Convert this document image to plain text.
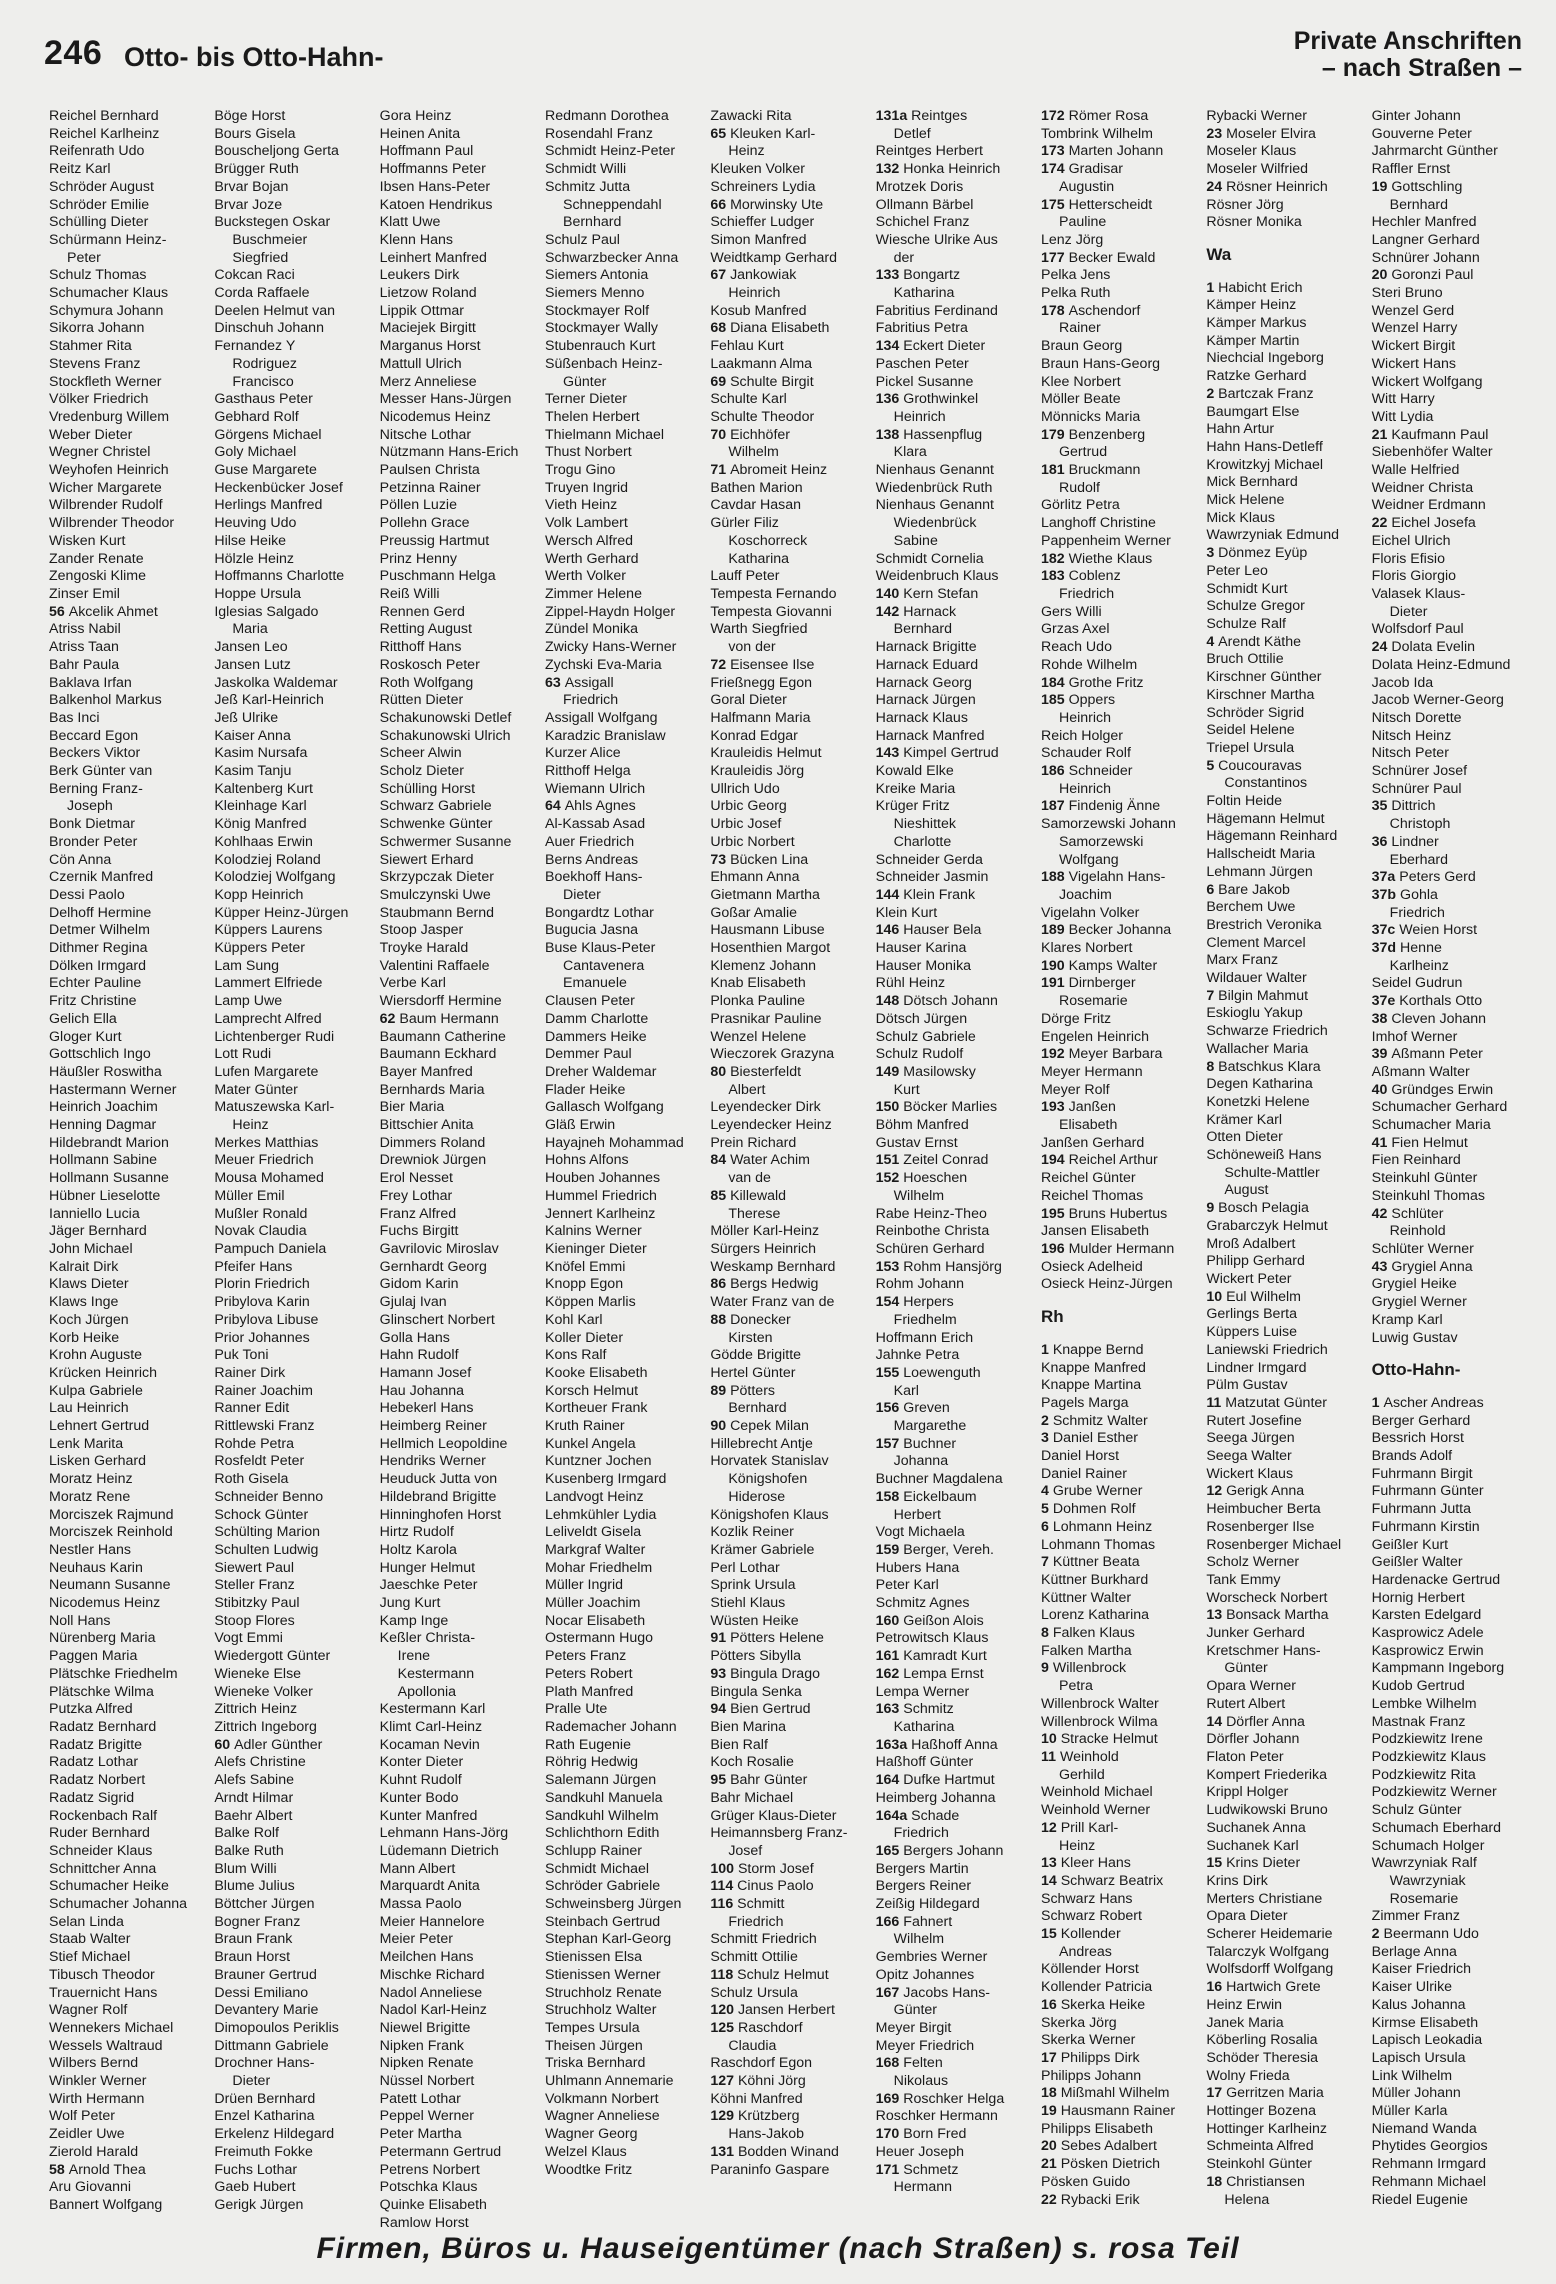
246 Otto- bis Otto-Hahn-
Private Anschriften
– nach Straßen –
Reichel Bernhard
Reichel Karlheinz
Reifenrath Udo
Reitz Karl
Schröder August
Schröder Emilie
Schülling Dieter
Schürmann Heinz-
Peter
Schulz Thomas
Schumacher Klaus
Schymura Johann
Sikorra Johann
Stahmer Rita
Stevens Franz
Stockfleth Werner
Völker Friedrich
Vredenburg Willem
Weber Dieter
Wegner Christel
Weyhofen Heinrich
Wicher Margarete
Wilbrender Rudolf
Wilbrender Theodor
Wisken Kurt
Zander Renate
Zengoski Klime
Zinser Emil
56 Akcelik Ahmet
Atriss Nabil
Atriss Taan
Bahr Paula
Baklava Irfan
Balkenhol Markus
Bas Inci
Beccard Egon
Beckers Viktor
Berk Günter van
Berning Franz-
Joseph
Bonk Dietmar
Bronder Peter
Cön Anna
Czernik Manfred
Dessi Paolo
Delhoff Hermine
Detmer Wilhelm
Dithmer Regina
Dölken Irmgard
Echter Pauline
Fritz Christine
Gelich Ella
Gloger Kurt
Gottschlich Ingo
Häußler Roswitha
Hastermann Werner
Heinrich Joachim
Henning Dagmar
Hildebrandt Marion
Hollmann Sabine
Hollmann Susanne
Hübner Lieselotte
Ianniello Lucia
Jäger Bernhard
John Michael
Kalrait Dirk
Klaws Dieter
Klaws Inge
Koch Jürgen
Korb Heike
Krohn Auguste
Krücken Heinrich
Kulpa Gabriele
Lau Heinrich
Lehnert Gertrud
Lenk Marita
Lisken Gerhard
Moratz Heinz
Moratz Rene
Morciszek Rajmund
Morciszek Reinhold
Nestler Hans
Neuhaus Karin
Neumann Susanne
Nicodemus Heinz
Noll Hans
Nürenberg Maria
Paggen Maria
Plätschke Friedhelm
Plätschke Wilma
Putzka Alfred
Radatz Bernhard
Radatz Brigitte
Radatz Lothar
Radatz Norbert
Radatz Sigrid
Rockenbach Ralf
Ruder Bernhard
Schneider Klaus
Schnittcher Anna
Schumacher Heike
Schumacher Johanna
Selan Linda
Staab Walter
Stief Michael
Tibusch Theodor
Trauernicht Hans
Wagner Rolf
Wennekers Michael
Wessels Waltraud
Wilbers Bernd
Winkler Werner
Wirth Hermann
Wolf Peter
Zeidler Uwe
Zierold Harald
58 Arnold Thea
Aru Giovanni
Bannert Wolfgang
Böge Horst
Bours Gisela
Bouscheljong Gerta
Brügger Ruth
Brvar Bojan
Brvar Joze
Buckstegen Oskar
Buschmeier
Siegfried
Cokcan Raci
Corda Raffaele
Deelen Helmut van
Dinschuh Johann
Fernandez Y
Rodriguez
Francisco
Gasthaus Peter
Gebhard Rolf
Görgens Michael
Goly Michael
Guse Margarete
Heckenbücker Josef
Herlings Manfred
Heuving Udo
Hilse Heike
Hölzle Heinz
Hoffmanns Charlotte
Hoppe Ursula
Iglesias Salgado
Maria
Jansen Leo
Jansen Lutz
Jaskolka Waldemar
Jeß Karl-Heinrich
Jeß Ulrike
Kaiser Anna
Kasim Nursafa
Kasim Tanju
Kaltenberg Kurt
Kleinhage Karl
König Manfred
Kohlhaas Erwin
Kolodziej Roland
Kolodziej Wolfgang
Kopp Heinrich
Küpper Heinz-Jürgen
Küppers Laurens
Küppers Peter
Lam Sung
Lammert Elfriede
Lamp Uwe
Lamprecht Alfred
Lichtenberger Rudi
Lott Rudi
Lufen Margarete
Mater Günter
Matuszewska Karl-
Heinz
Merkes Matthias
Meuer Friedrich
Mousa Mohamed
Müller Emil
Mußler Ronald
Novak Claudia
Pampuch Daniela
Pfeifer Hans
Plorin Friedrich
Pribylova Karin
Pribylova Libuse
Prior Johannes
Puk Toni
Rainer Dirk
Rainer Joachim
Ranner Edit
Rittlewski Franz
Rohde Petra
Rosfeldt Peter
Roth Gisela
Schneider Benno
Schock Günter
Schülting Marion
Schulten Ludwig
Siewert Paul
Steller Franz
Stibitzky Paul
Stoop Flores
Vogt Emmi
Wiedergott Günter
Wieneke Else
Wieneke Volker
Zittrich Heinz
Zittrich Ingeborg
60 Adler Günther
Alefs Christine
Alefs Sabine
Arndt Hilmar
Baehr Albert
Balke Rolf
Balke Ruth
Blum Willi
Blume Julius
Böttcher Jürgen
Bogner Franz
Braun Frank
Braun Horst
Brauner Gertrud
Dessi Emiliano
Devantery Marie
Dimopoulos Periklis
Dittmann Gabriele
Drochner Hans-
Dieter
Drüen Bernhard
Enzel Katharina
Erkelenz Hildegard
Freimuth Fokke
Fuchs Lothar
Gaeb Hubert
Gerigk Jürgen
Gora Heinz
Heinen Anita
Hoffmann Paul
Hoffmanns Peter
Ibsen Hans-Peter
Katoen Hendrikus
Klatt Uwe
Klenn Hans
Leinhert Manfred
Leukers Dirk
Lietzow Roland
Lippik Ottmar
Maciejek Birgitt
Marganus Horst
Mattull Ulrich
Merz Anneliese
Messer Hans-Jürgen
Nicodemus Heinz
Nitsche Lothar
Nützmann Hans-Erich
Paulsen Christa
Petzinna Rainer
Pöllen Luzie
Pollehn Grace
Preussig Hartmut
Prinz Henny
Puschmann Helga
Reiß Willi
Rennen Gerd
Retting August
Ritthoff Hans
Roskosch Peter
Roth Wolfgang
Rütten Dieter
Schakunowski Detlef
Schakunowski Ulrich
Scheer Alwin
Scholz Dieter
Schülling Horst
Schwarz Gabriele
Schwenke Günter
Schwermer Susanne
Siewert Erhard
Skrzypczak Dieter
Smulczynski Uwe
Staubmann Bernd
Stoop Jasper
Troyke Harald
Valentini Raffaele
Verbe Karl
Wiersdorff Hermine
62 Baum Hermann
Baumann Catherine
Baumann Eckhard
Bayer Manfred
Bernhards Maria
Bier Maria
Bittschier Anita
Dimmers Roland
Drewniok Jürgen
Erol Nesset
Frey Lothar
Franz Alfred
Fuchs Birgitt
Gavrilovic Miroslav
Gernhardt Georg
Gidom Karin
Gjulaj Ivan
Glinschert Norbert
Golla Hans
Hahn Rudolf
Hamann Josef
Hau Johanna
Hebekerl Hans
Heimberg Reiner
Hellmich Leopoldine
Hendriks Werner
Heuduck Jutta von
Hildebrand Brigitte
Hinninghofen Horst
Hirtz Rudolf
Holtz Karola
Hunger Helmut
Jaeschke Peter
Jung Kurt
Kamp Inge
Keßler Christa-
Irene
Kestermann
Apollonia
Kestermann Karl
Klimt Carl-Heinz
Kocaman Nevin
Konter Dieter
Kuhnt Rudolf
Kunter Bodo
Kunter Manfred
Lehmann Hans-Jörg
Lüdemann Dietrich
Mann Albert
Marquardt Anita
Massa Paolo
Meier Hannelore
Meier Peter
Meilchen Hans
Mischke Richard
Nadol Anneliese
Nadol Karl-Heinz
Niewel Brigitte
Nipken Frank
Nipken Renate
Nüssel Norbert
Patett Lothar
Peppel Werner
Peter Martha
Petermann Gertrud
Petrens Norbert
Potschka Klaus
Quinke Elisabeth
Ramlow Horst
Redmann Dorothea
Rosendahl Franz
Schmidt Heinz-Peter
Schmidt Willi
Schmitz Jutta
Schneppendahl
Bernhard
Schulz Paul
Schwarzbecker Anna
Siemers Antonia
Siemers Menno
Stockmayer Rolf
Stockmayer Wally
Stubenrauch Kurt
Süßenbach Heinz-
Günter
Terner Dieter
Thelen Herbert
Thielmann Michael
Thust Norbert
Trogu Gino
Truyen Ingrid
Vieth Heinz
Volk Lambert
Wersch Alfred
Werth Gerhard
Werth Volker
Zimmer Helene
Zippel-Haydn Holger
Zündel Monika
Zwicky Hans-Werner
Zychski Eva-Maria
63 Assigall
Friedrich
Assigall Wolfgang
Karadzic Branislaw
Kurzer Alice
Ritthoff Helga
Wiemann Ulrich
64 Ahls Agnes
Al-Kassab Asad
Auer Friedrich
Berns Andreas
Boekhoff Hans-
Dieter
Bongardtz Lothar
Bugucia Jasna
Buse Klaus-Peter
Cantavenera
Emanuele
Clausen Peter
Damm Charlotte
Dammers Heike
Demmer Paul
Dreher Waldemar
Flader Heike
Gallasch Wolfgang
Gläß Erwin
Hayajneh Mohammad
Hohns Alfons
Houben Johannes
Hummel Friedrich
Jennert Karlheinz
Kalnins Werner
Kieninger Dieter
Knöfel Emmi
Knopp Egon
Köppen Marlis
Kohl Karl
Koller Dieter
Kons Ralf
Kooke Elisabeth
Korsch Helmut
Kortheuer Frank
Kruth Rainer
Kunkel Angela
Kuntzner Jochen
Kusenberg Irmgard
Landvogt Heinz
Lehmkühler Lydia
Leliveldt Gisela
Markgraf Walter
Mohar Friedhelm
Müller Ingrid
Müller Joachim
Nocar Elisabeth
Ostermann Hugo
Peters Franz
Peters Robert
Plath Manfred
Pralle Ute
Rademacher Johann
Rath Eugenie
Röhrig Hedwig
Salemann Jürgen
Sandkuhl Manuela
Sandkuhl Wilhelm
Schlichthorn Edith
Schlupp Rainer
Schmidt Michael
Schröder Gabriele
Schweinsberg Jürgen
Steinbach Gertrud
Stephan Karl-Georg
Stienissen Elsa
Stienissen Werner
Struchholz Renate
Struchholz Walter
Tempes Ursula
Theisen Jürgen
Triska Bernhard
Uhlmann Annemarie
Volkmann Norbert
Wagner Anneliese
Wagner Georg
Welzel Klaus
Woodtke Fritz
Zawacki Rita
65 Kleuken Karl-
Heinz
Kleuken Volker
Schreiners Lydia
66 Morwinsky Ute
Schieffer Ludger
Simon Manfred
Weidtkamp Gerhard
67 Jankowiak
Heinrich
Kosub Manfred
68 Diana Elisabeth
Fehlau Kurt
Laakmann Alma
69 Schulte Birgit
Schulte Karl
Schulte Theodor
70 Eichhöfer
Wilhelm
71 Abromeit Heinz
Bathen Marion
Cavdar Hasan
Gürler Filiz
Koschorreck
Katharina
Lauff Peter
Tempesta Fernando
Tempesta Giovanni
Warth Siegfried
von der
72 Eisensee Ilse
Frießnegg Egon
Goral Dieter
Halfmann Maria
Konrad Edgar
Krauleidis Helmut
Krauleidis Jörg
Ullrich Udo
Urbic Georg
Urbic Josef
Urbic Norbert
73 Bücken Lina
Ehmann Anna
Gietmann Martha
Goßar Amalie
Hausmann Libuse
Hosenthien Margot
Klemenz Johann
Knab Elisabeth
Plonka Pauline
Prasnikar Pauline
Wenzel Helene
Wieczorek Grazyna
80 Biesterfeldt
Albert
Leyendecker Dirk
Leyendecker Heinz
Prein Richard
84 Water Achim
van de
85 Killewald
Therese
Möller Karl-Heinz
Sürgers Heinrich
Weskamp Bernhard
86 Bergs Hedwig
Water Franz van de
88 Donecker
Kirsten
Gödde Brigitte
Hertel Günter
89 Pötters
Bernhard
90 Cepek Milan
Hillebrecht Antje
Horvatek Stanislav
Königshofen
Hiderose
Königshofen Klaus
Kozlik Reiner
Krämer Gabriele
Perl Lothar
Sprink Ursula
Stiehl Klaus
Wüsten Heike
91 Pötters Helene
Pötters Sibylla
93 Bingula Drago
Bingula Senka
94 Bien Gertrud
Bien Marina
Bien Ralf
Koch Rosalie
95 Bahr Günter
Bahr Michael
Grüger Klaus-Dieter
Heimannsberg Franz-
Josef
100 Storm Josef
114 Cinus Paolo
116 Schmitt
Friedrich
Schmitt Friedrich
Schmitt Ottilie
118 Schulz Helmut
Schulz Ursula
120 Jansen Herbert
125 Raschdorf
Claudia
Raschdorf Egon
127 Köhni Jörg
Köhni Manfred
129 Krützberg
Hans-Jakob
131 Bodden Winand
Paraninfo Gaspare
131a Reintges
Detlef
Reintges Herbert
132 Honka Heinrich
Mrotzek Doris
Ollmann Bärbel
Schichel Franz
Wiesche Ulrike Aus
der
133 Bongartz
Katharina
Fabritius Ferdinand
Fabritius Petra
134 Eckert Dieter
Paschen Peter
Pickel Susanne
136 Grothwinkel
Heinrich
138 Hassenpflug
Klara
Nienhaus Genannt
Wiedenbrück Ruth
Nienhaus Genannt
Wiedenbrück
Sabine
Schmidt Cornelia
Weidenbruch Klaus
140 Kern Stefan
142 Harnack
Bernhard
Harnack Brigitte
Harnack Eduard
Harnack Georg
Harnack Jürgen
Harnack Klaus
Harnack Manfred
143 Kimpel Gertrud
Kowald Elke
Kreike Maria
Krüger Fritz
Nieshittek
Charlotte
Schneider Gerda
Schneider Jasmin
144 Klein Frank
Klein Kurt
146 Hauser Bela
Hauser Karina
Hauser Monika
Rühl Heinz
148 Dötsch Johann
Dötsch Jürgen
Schulz Gabriele
Schulz Rudolf
149 Masilowsky
Kurt
150 Böcker Marlies
Böhm Manfred
Gustav Ernst
151 Zeitel Conrad
152 Hoeschen
Wilhelm
Rabe Heinz-Theo
Reinbothe Christa
Schüren Gerhard
153 Rohm Hansjörg
Rohm Johann
154 Herpers
Friedhelm
Hoffmann Erich
Jahnke Petra
155 Loewenguth
Karl
156 Greven
Margarethe
157 Buchner
Johanna
Buchner Magdalena
158 Eickelbaum
Herbert
Vogt Michaela
159 Berger, Vereh.
Hubers Hana
Peter Karl
Schmitz Agnes
160 Geißon Alois
Petrowitsch Klaus
161 Kamradt Kurt
162 Lempa Ernst
Lempa Werner
163 Schmitz
Katharina
163a Haßhoff Anna
Haßhoff Günter
164 Dufke Hartmut
Heimberg Johanna
164a Schade
Friedrich
165 Bergers Johann
Bergers Martin
Bergers Reiner
Zeißig Hildegard
166 Fahnert
Wilhelm
Gembries Werner
Opitz Johannes
167 Jacobs Hans-
Günter
Meyer Birgit
Meyer Friedrich
168 Felten
Nikolaus
169 Roschker Helga
Roschker Hermann
170 Born Fred
Heuer Joseph
171 Schmetz
Hermann
172 Römer Rosa
Tombrink Wilhelm
173 Marten Johann
174 Gradisar
Augustin
175 Hetterscheidt
Pauline
Lenz Jörg
177 Becker Ewald
Pelka Jens
Pelka Ruth
178 Aschendorf
Rainer
Braun Georg
Braun Hans-Georg
Klee Norbert
Möller Beate
Mönnicks Maria
179 Benzenberg
Gertrud
181 Bruckmann
Rudolf
Görlitz Petra
Langhoff Christine
Pappenheim Werner
182 Wiethe Klaus
183 Coblenz
Friedrich
Gers Willi
Grzas Axel
Reach Udo
Rohde Wilhelm
184 Grothe Fritz
185 Oppers
Heinrich
Reich Holger
Schauder Rolf
186 Schneider
Heinrich
187 Findenig Änne
Samorzewski Johann
Samorzewski
Wolfgang
188 Vigelahn Hans-
Joachim
Vigelahn Volker
189 Becker Johanna
Klares Norbert
190 Kamps Walter
191 Dirnberger
Rosemarie
Dörge Fritz
Engelen Heinrich
192 Meyer Barbara
Meyer Hermann
Meyer Rolf
193 Janßen
Elisabeth
Janßen Gerhard
194 Reichel Arthur
Reichel Günter
Reichel Thomas
195 Bruns Hubertus
Jansen Elisabeth
196 Mulder Hermann
Osieck Adelheid
Osieck Heinz-Jürgen
Rh
1 Knappe Bernd
Knappe Manfred
Knappe Martina
Pagels Marga
2 Schmitz Walter
3 Daniel Esther
Daniel Horst
Daniel Rainer
4 Grube Werner
5 Dohmen Rolf
6 Lohmann Heinz
Lohmann Thomas
7 Küttner Beata
Küttner Burkhard
Küttner Walter
Lorenz Katharina
8 Falken Klaus
Falken Martha
9 Willenbrock
Petra
Willenbrock Walter
Willenbrock Wilma
10 Stracke Helmut
11 Weinhold
Gerhild
Weinhold Michael
Weinhold Werner
12 Prill Karl-
Heinz
13 Kleer Hans
14 Schwarz Beatrix
Schwarz Hans
Schwarz Robert
15 Kollender
Andreas
Köllender Horst
Kollender Patricia
16 Skerka Heike
Skerka Jörg
Skerka Werner
17 Philipps Dirk
Philipps Johann
18 Mißmahl Wilhelm
19 Hausmann Rainer
Philipps Elisabeth
20 Sebes Adalbert
21 Pösken Dietrich
Pösken Guido
22 Rybacki Erik
Rybacki Werner
23 Moseler Elvira
Moseler Klaus
Moseler Wilfried
24 Rösner Heinrich
Rösner Jörg
Rösner Monika
Wa
1 Habicht Erich
Kämper Heinz
Kämper Markus
Kämper Martin
Niechcial Ingeborg
Ratzke Gerhard
2 Bartczak Franz
Baumgart Else
Hahn Artur
Hahn Hans-Detleff
Krowitzkyj Michael
Mick Bernhard
Mick Helene
Mick Klaus
Wawrzyniak Edmund
3 Dönmez Eyüp
Peter Leo
Schmidt Kurt
Schulze Gregor
Schulze Ralf
4 Arendt Käthe
Bruch Ottilie
Kirschner Günther
Kirschner Martha
Schröder Sigrid
Seidel Helene
Triepel Ursula
5 Coucouravas
Constantinos
Foltin Heide
Hägemann Helmut
Hägemann Reinhard
Hallscheidt Maria
Lehmann Jürgen
6 Bare Jakob
Berchem Uwe
Brestrich Veronika
Clement Marcel
Marx Franz
Wildauer Walter
7 Bilgin Mahmut
Eskioglu Yakup
Schwarze Friedrich
Wallacher Maria
8 Batschkus Klara
Degen Katharina
Konetzki Helene
Krämer Karl
Otten Dieter
Schöneweiß Hans
Schulte-Mattler
August
9 Bosch Pelagia
Grabarczyk Helmut
Mroß Adalbert
Philipp Gerhard
Wickert Peter
10 Eul Wilhelm
Gerlings Berta
Küppers Luise
Laniewski Friedrich
Lindner Irmgard
Pülm Gustav
11 Matzutat Günter
Rutert Josefine
Seega Jürgen
Seega Walter
Wickert Klaus
12 Gerigk Anna
Heimbucher Berta
Rosenberger Ilse
Rosenberger Michael
Scholz Werner
Tank Emmy
Worscheck Norbert
13 Bonsack Martha
Junker Gerhard
Kretschmer Hans-
Günter
Opara Werner
Rutert Albert
14 Dörfler Anna
Dörfler Johann
Flaton Peter
Kompert Friederika
Krippl Holger
Ludwikowski Bruno
Suchanek Anna
Suchanek Karl
15 Krins Dieter
Krins Dirk
Merters Christiane
Opara Dieter
Scherer Heidemarie
Talarczyk Wolfgang
Wolfsdorff Wolfgang
16 Hartwich Grete
Heinz Erwin
Janek Maria
Köberling Rosalia
Schöder Theresia
Wolny Frieda
17 Gerritzen Maria
Hottinger Bozena
Hottinger Karlheinz
Schmeinta Alfred
Steinkohl Günter
18 Christiansen
Helena
Ginter Johann
Gouverne Peter
Jahrmarcht Günther
Raffler Ernst
19 Gottschling
Bernhard
Hechler Manfred
Langner Gerhard
Schnürer Johann
20 Goronzi Paul
Steri Bruno
Wenzel Gerd
Wenzel Harry
Wickert Birgit
Wickert Hans
Wickert Wolfgang
Witt Harry
Witt Lydia
21 Kaufmann Paul
Siebenhöfer Walter
Walle Helfried
Weidner Christa
Weidner Erdmann
22 Eichel Josefa
Eichel Ulrich
Floris Efisio
Floris Giorgio
Valasek Klaus-
Dieter
Wolfsdorf Paul
24 Dolata Evelin
Dolata Heinz-Edmund
Jacob Ida
Jacob Werner-Georg
Nitsch Dorette
Nitsch Heinz
Nitsch Peter
Schnürer Josef
Schnürer Paul
35 Dittrich
Christoph
36 Lindner
Eberhard
37a Peters Gerd
37b Gohla
Friedrich
37c Weien Horst
37d Henne
Karlheinz
Seidel Gudrun
37e Korthals Otto
38 Cleven Johann
Imhof Werner
39 Aßmann Peter
Aßmann Walter
40 Gründges Erwin
Schumacher Gerhard
Schumacher Maria
41 Fien Helmut
Fien Reinhard
Steinkuhl Günter
Steinkuhl Thomas
42 Schlüter
Reinhold
Schlüter Werner
43 Grygiel Anna
Grygiel Heike
Grygiel Werner
Kramp Karl
Luwig Gustav
Otto-Hahn-
1 Ascher Andreas
Berger Gerhard
Bessrich Horst
Brands Adolf
Fuhrmann Birgit
Fuhrmann Günter
Fuhrmann Jutta
Fuhrmann Kirstin
Geißler Kurt
Geißler Walter
Hardenacke Gertrud
Hornig Herbert
Karsten Edelgard
Kasprowicz Adele
Kasprowicz Erwin
Kampmann Ingeborg
Kudob Gertrud
Lembke Wilhelm
Mastnak Franz
Podzkiewitz Irene
Podzkiewitz Klaus
Podzkiewitz Rita
Podzkiewitz Werner
Schulz Günter
Schumach Eberhard
Schumach Holger
Wawrzyniak Ralf
Wawrzyniak
Rosemarie
Zimmer Franz
2 Beermann Udo
Berlage Anna
Kaiser Friedrich
Kaiser Ulrike
Kalus Johanna
Kirmse Elisabeth
Lapisch Leokadia
Lapisch Ursula
Link Wilhelm
Müller Johann
Müller Karla
Niemand Wanda
Phytides Georgios
Rehmann Irmgard
Rehmann Michael
Riedel Eugenie
Firmen, Büros u. Hauseigentümer (nach Straßen) s. rosa Teil
